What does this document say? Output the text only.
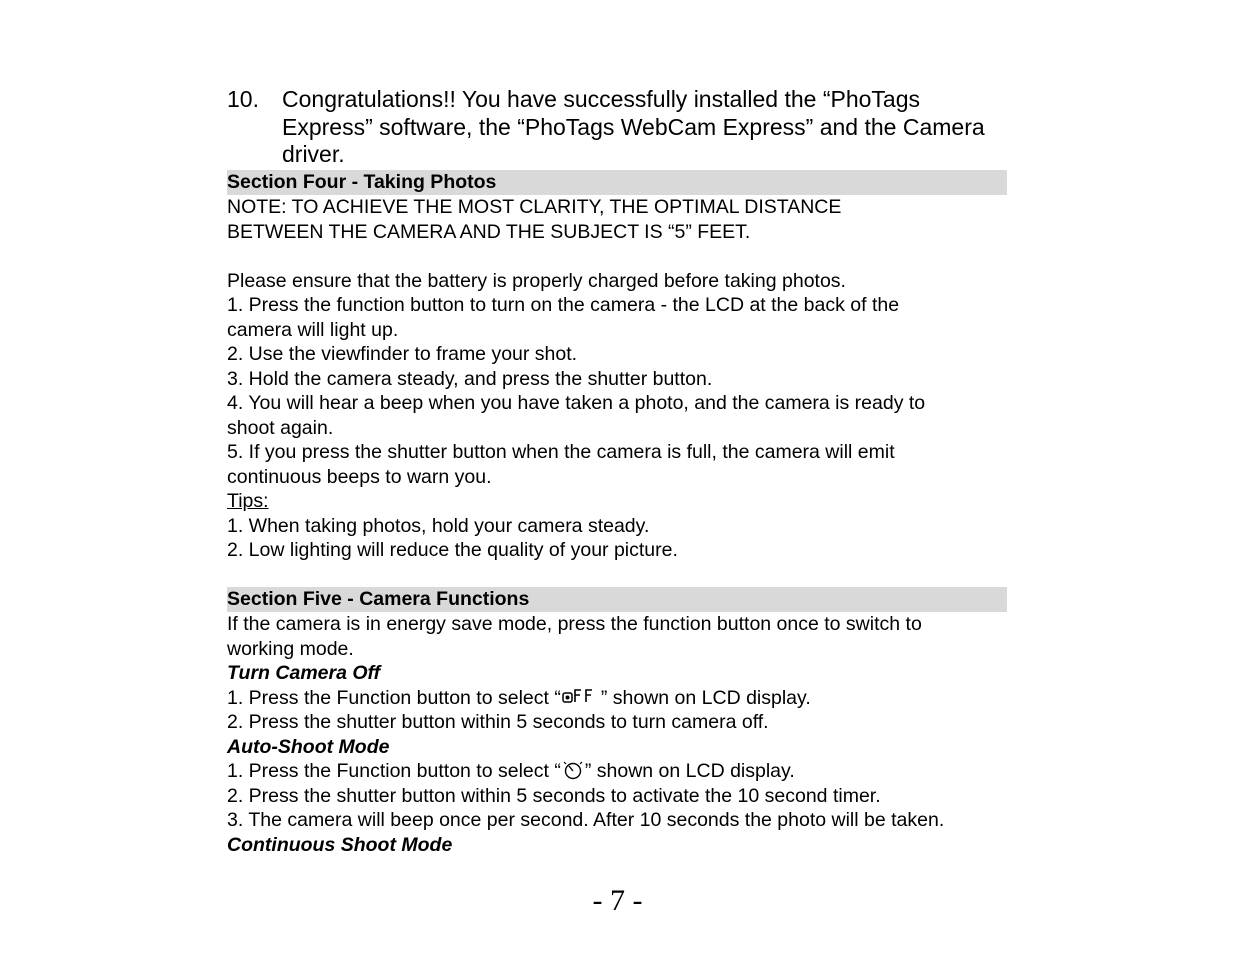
10. Congratulations!! You have successfully installed the “PhoTags Express” software, the “PhoTags WebCam Express” and the Camera driver.
Section Four - Taking Photos
NOTE: TO ACHIEVE THE MOST CLARITY, THE OPTIMAL DISTANCE
BETWEEN THE CAMERA AND THE SUBJECT IS “5” FEET.
Please ensure that the battery is properly charged before taking photos.
1. Press the function button to turn on the camera - the LCD at the back of the
camera will light up.
2. Use the viewfinder to frame your shot.
3. Hold the camera steady, and press the shutter button.
4. You will hear a beep when you have taken a photo, and the camera is ready to
shoot again.
5. If you press the shutter button when the camera is full, the camera will emit
continuous beeps to warn you.
Tips:
1. When taking photos, hold your camera steady.
2. Low lighting will reduce the quality of your picture.
Section Five - Camera Functions
If the camera is in energy save mode, press the function button once to switch to
working mode.
Turn Camera Off
1. Press the Function button to select “ ” shown on LCD display.
2. Press the shutter button within 5 seconds to turn camera off.
Auto-Shoot Mode
1. Press the Function button to select “ ” shown on LCD display.
2. Press the shutter button within 5 seconds to activate the 10 second timer.
3. The camera will beep once per second. After 10 seconds the photo will be taken.
Continuous Shoot Mode
- 7 -
